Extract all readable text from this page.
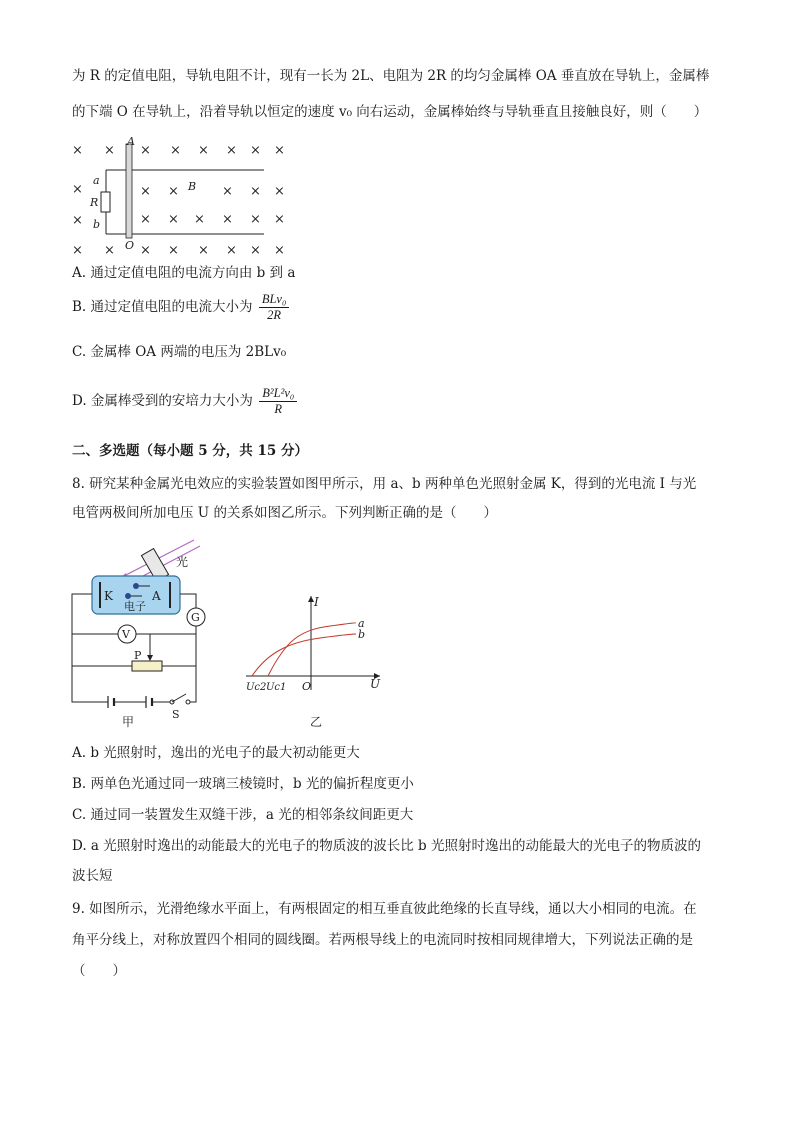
为 R 的定值电阻，导轨电阻不计，现有一长为 2L、电阻为 2R 的均匀金属棒 OA 垂直放在导轨上，金属棒
的下端 O 在导轨上，沿着导轨以恒定的速度 v₀ 向右运动，金属棒始终与导轨垂直且接触良好，则（　　）
× × × × × × × ×
×	× ×	× × ×
×	× × × × × ×
× × × × × × × ×
A
a
R
b
O
B
A. 通过定值电阻的电流方向由 b 到 a
B. 通过定值电阻的电流大小为 $\frac{\text{BLv₀}}{2R}$
C. 金属棒 OA 两端的电压为 2BLv₀
D. 金属棒受到的安培力大小为 $\frac{\text{B²L²v₀}}{R}$
二、多选题（每小题 5 分，共 15 分）
8. 研究某种金属光电效应的实验装置如图甲所示，用 a、b 两种单色光照射金属 K，得到的光电流 I 与光
电管两极间所加电压 U 的关系如图乙所示。下列判断正确的是（　　）
光
K	A
电子
G
V
P
S
甲
I
U
O
a
b
Uc2 Uc1
乙
A. b 光照射时，逸出的光电子的最大初动能更大
B. 两单色光通过同一玻璃三棱镜时，b 光的偏折程度更小
C. 通过同一装置发生双缝干涉，a 光的相邻条纹间距更大
D. a 光照射时逸出的动能最大的光电子的物质波的波长比 b 光照射时逸出的动能最大的光电子的物质波的
波长短
9. 如图所示，光滑绝缘水平面上，有两根固定的相互垂直彼此绝缘的长直导线，通以大小相同的电流。在
角平分线上，对称放置四个相同的圆线圈。若两根导线上的电流同时按相同规律增大，下列说法正确的是
（　　）
